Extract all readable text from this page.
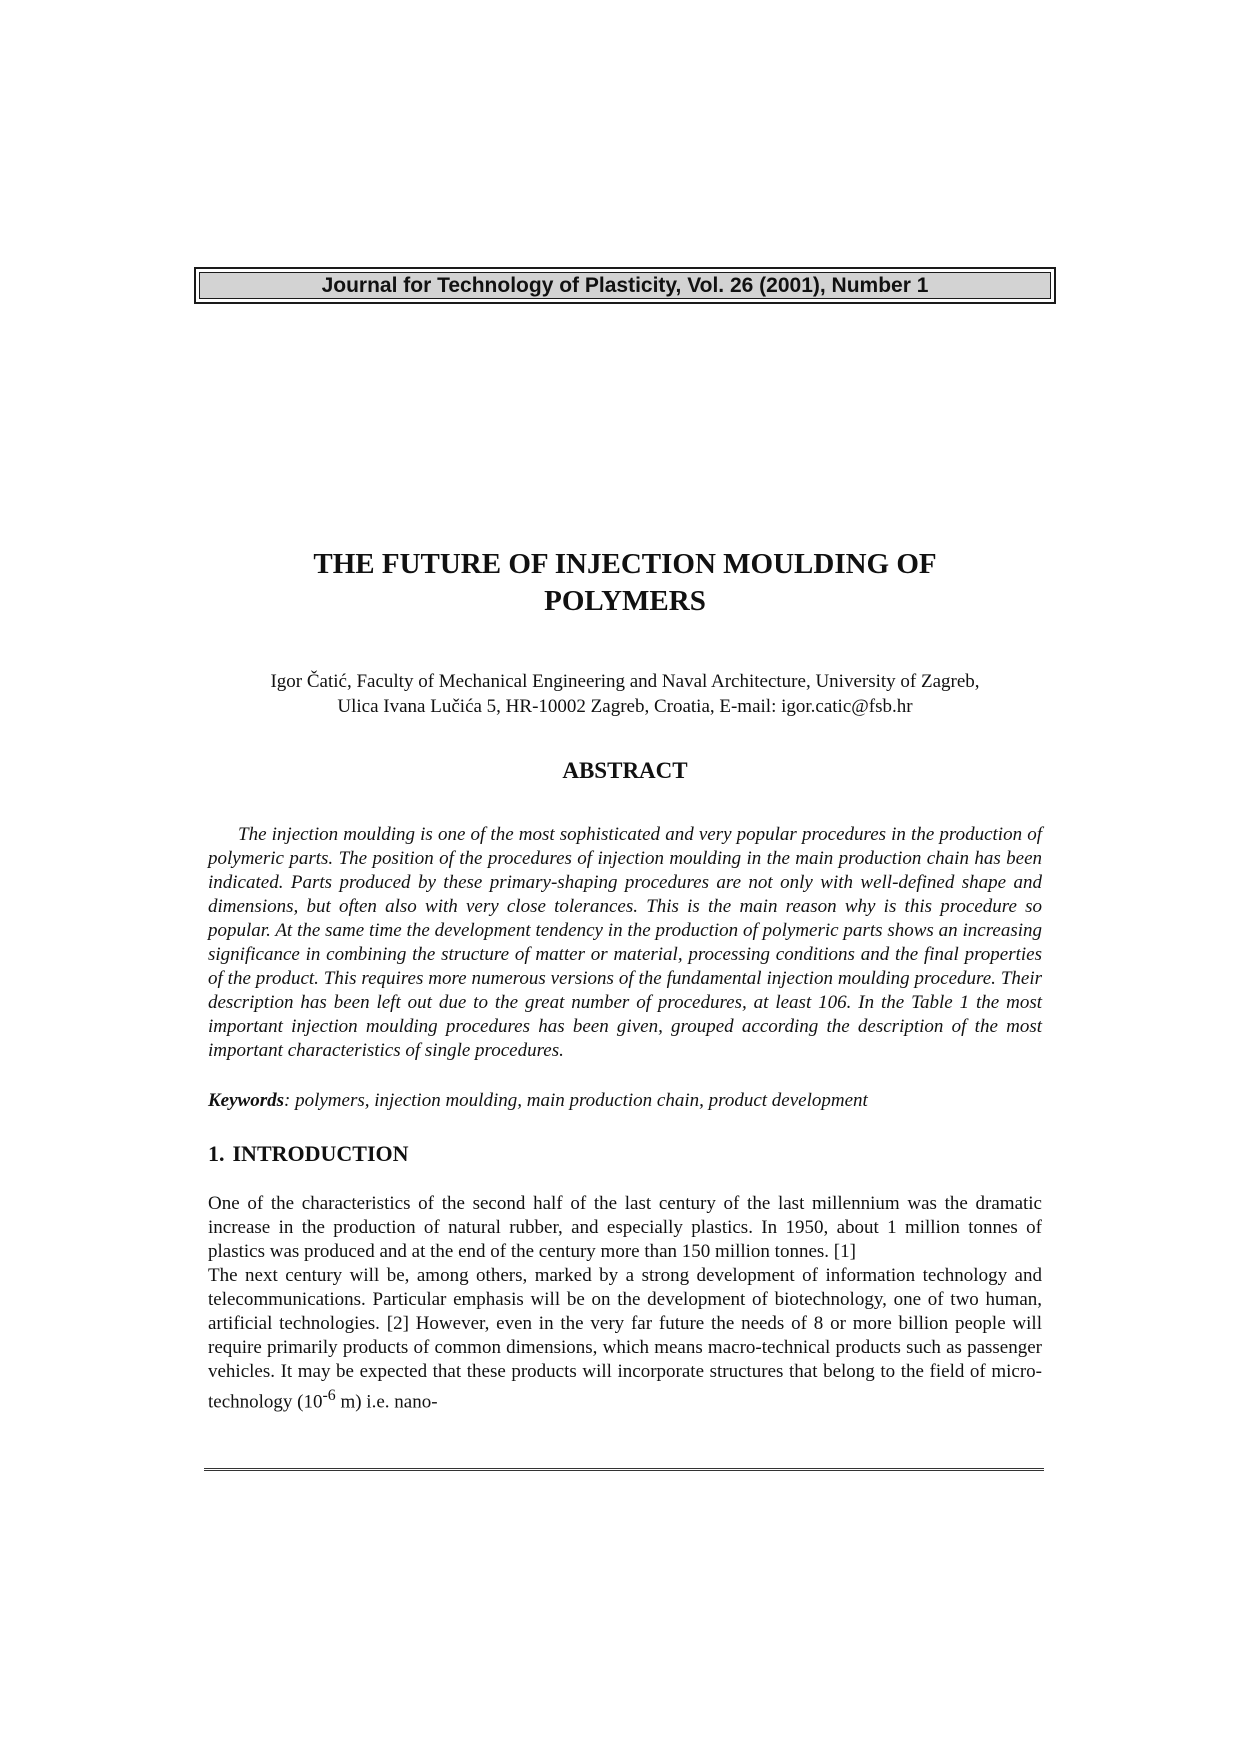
Journal for Technology of Plasticity, Vol. 26 (2001), Number 1
THE FUTURE OF INJECTION MOULDING OF
POLYMERS
Igor Čatić, Faculty of Mechanical Engineering and Naval Architecture, University of Zagreb,
Ulica Ivana Lučića 5, HR-10002 Zagreb, Croatia, E-mail: igor.catic@fsb.hr
ABSTRACT

The injection moulding is one of the most sophisticated and very popular procedures in the production of polymeric parts. The position of the procedures of injection moulding in the main production chain has been indicated. Parts produced by these primary-shaping procedures are not only with well-defined shape and dimensions, but often also with very close tolerances. This is the main reason why is this procedure so popular. At the same time the development tendency in the production of polymeric parts shows an increasing significance in combining the structure of matter or material, processing conditions and the final properties of the product. This requires more numerous versions of the fundamental injection moulding procedure. Their description has been left out due to the great number of procedures, at least 106. In the Table 1 the most important injection moulding procedures has been given, grouped according the description of the most important characteristics of single procedures.

Keywords: polymers, injection moulding, main production chain, product development

1. INTRODUCTION

One of the characteristics of the second half of the last century of the last millennium was the dramatic increase in the production of natural rubber, and especially plastics. In 1950, about 1 million tonnes of plastics was produced and at the end of the century more than 150 million tonnes. [1]

The next century will be, among others, marked by a strong development of information technology and telecommunications. Particular emphasis will be on the development of biotechnology, one of two human, artificial technologies. [2] However, even in the very far future the needs of 8 or more billion people will require primarily products of common dimensions, which means macro-technical products such as passenger vehicles. It may be expected that these products will incorporate structures that belong to the field of micro-technology ($10^{-6}$ m) i.e. nano-
